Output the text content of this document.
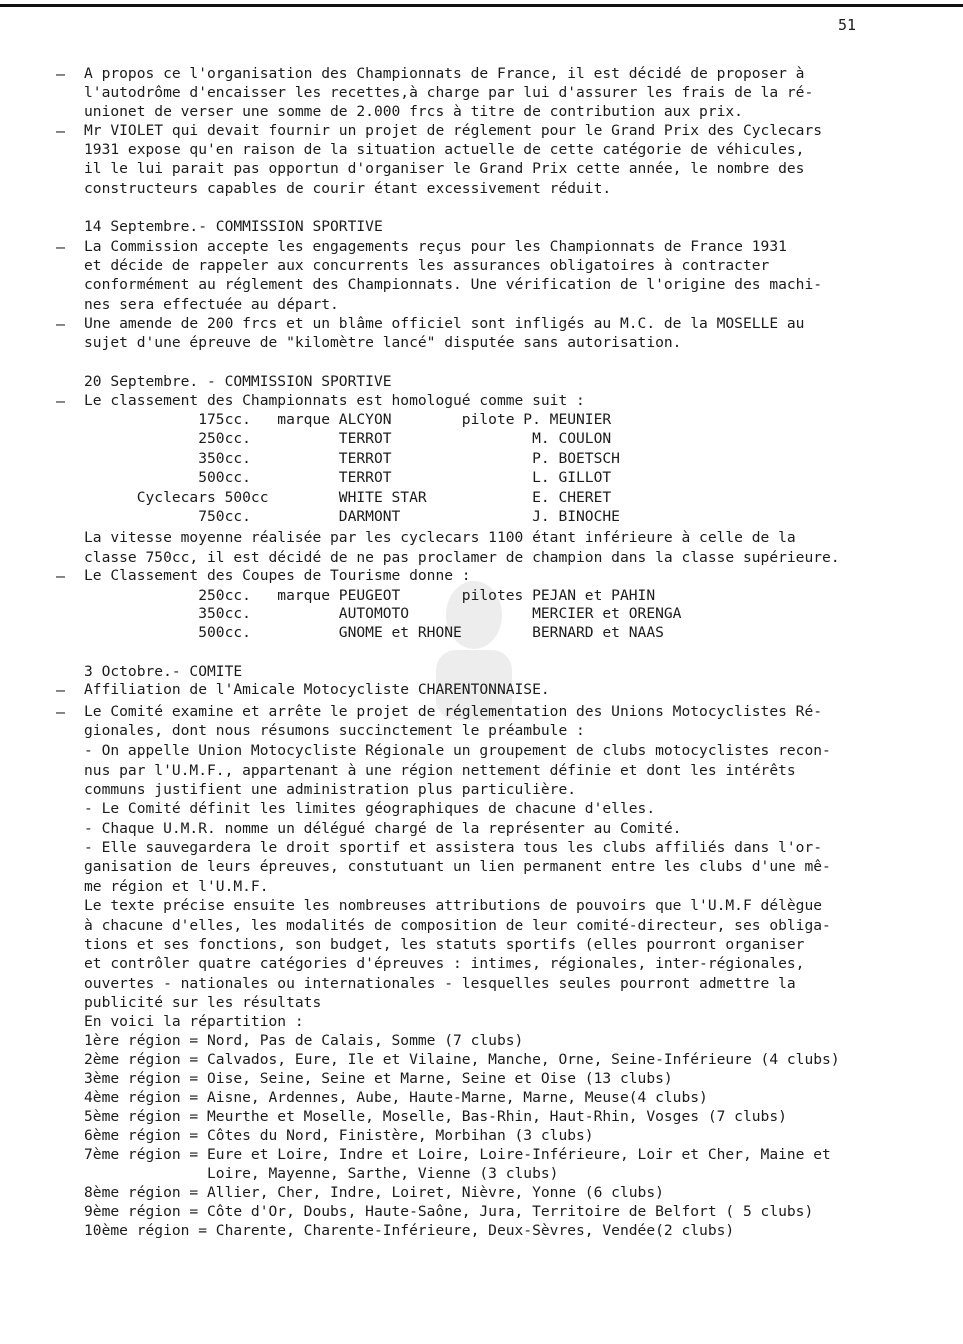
51
— A propos ce l'organisation des Championnats de France, il est décidé de proposer à
l'autodrôme d'encaisser les recettes,à charge par lui d'assurer les frais de la ré-
unionet de verser une somme de 2.000 frcs à titre de contribution aux prix.
— Mr VIOLET qui devait fournir un projet de réglement pour le Grand Prix des Cyclecars
1931 expose qu'en raison de la situation actuelle de cette catégorie de véhicules,
il le lui parait pas opportun d'organiser le Grand Prix cette année, le nombre des
constructeurs capables de courir étant excessivement réduit.
14 Septembre.- COMMISSION SPORTIVE
— La Commission accepte les engagements reçus pour les Championnats de France 1931
et décide de rappeler aux concurrents les assurances obligatoires à contracter
conformément au réglement des Championnats. Une vérification de l'origine des machi-
nes sera effectuée au départ.
— Une amende de 200 frcs et un blâme officiel sont infligés au M.C. de la MOSELLE au
sujet d'une épreuve de "kilomètre lancé" disputée sans autorisation.
20 Septembre. - COMMISSION SPORTIVE
— Le classement des Championnats est homologué comme suit :
175cc.   marque ALCYON        pilote P. MEUNIER
250cc.          TERROT                M. COULON
350cc.          TERROT                P. BOETSCH
500cc.          TERROT                L. GILLOT
Cyclecars 500cc        WHITE STAR            E. CHERET
750cc.          DARMONT               J. BINOCHE
La vitesse moyenne réalisée par les cyclecars 1100 étant inférieure à celle de la
classe 750cc, il est décidé de ne pas proclamer de champion dans la classe supérieure.
— Le Classement des Coupes de Tourisme donne :
250cc.   marque PEUGEOT       pilotes PEJAN et PAHIN
350cc.          AUTOMOTO              MERCIER et ORENGA
500cc.          GNOME et RHONE        BERNARD et NAAS
3 Octobre.- COMITE
— Affiliation de l'Amicale Motocycliste CHARENTONNAISE.
— Le Comité examine et arrête le projet de réglementation des Unions Motocyclistes Ré-
gionales, dont nous résumons succinctement le préambule :
- On appelle Union Motocycliste Régionale un groupement de clubs motocyclistes recon-
nus par l'U.M.F., appartenant à une région nettement définie et dont les intérêts
communs justifient une administration plus particulière.
- Le Comité définit les limites géographiques de chacune d'elles.
- Chaque U.M.R. nomme un délégué chargé de la représenter au Comité.
- Elle sauvegardera le droit sportif et assistera tous les clubs affiliés dans l'or-
ganisation de leurs épreuves, constutuant un lien permanent entre les clubs d'une mê-
me région et l'U.M.F.
Le texte précise ensuite les nombreuses attributions de pouvoirs que l'U.M.F délègue
à chacune d'elles, les modalités de composition de leur comité-directeur, ses obliga-
tions et ses fonctions, son budget, les statuts sportifs (elles pourront organiser
et contrôler quatre catégories d'épreuves : intimes, régionales, inter-régionales,
ouvertes - nationales ou internationales - lesquelles seules pourront admettre la
publicité sur les résultats
En voici la répartition :
1ère région = Nord, Pas de Calais, Somme (7 clubs)
2ème région = Calvados, Eure, Ile et Vilaine, Manche, Orne, Seine-Inférieure (4 clubs)
3ème région = Oise, Seine, Seine et Marne, Seine et Oise (13 clubs)
4ème région = Aisne, Ardennes, Aube, Haute-Marne, Marne, Meuse(4 clubs)
5ème région = Meurthe et Moselle, Moselle, Bas-Rhin, Haut-Rhin, Vosges (7 clubs)
6ème région = Côtes du Nord, Finistère, Morbihan (3 clubs)
7ème région = Eure et Loire, Indre et Loire, Loire-Inférieure, Loir et Cher, Maine et
Loire, Mayenne, Sarthe, Vienne (3 clubs)
8ème région = Allier, Cher, Indre, Loiret, Nièvre, Yonne (6 clubs)
9ème région = Côte d'Or, Doubs, Haute-Saône, Jura, Territoire de Belfort ( 5 clubs)
10ème région = Charente, Charente-Inférieure, Deux-Sèvres, Vendée(2 clubs)
